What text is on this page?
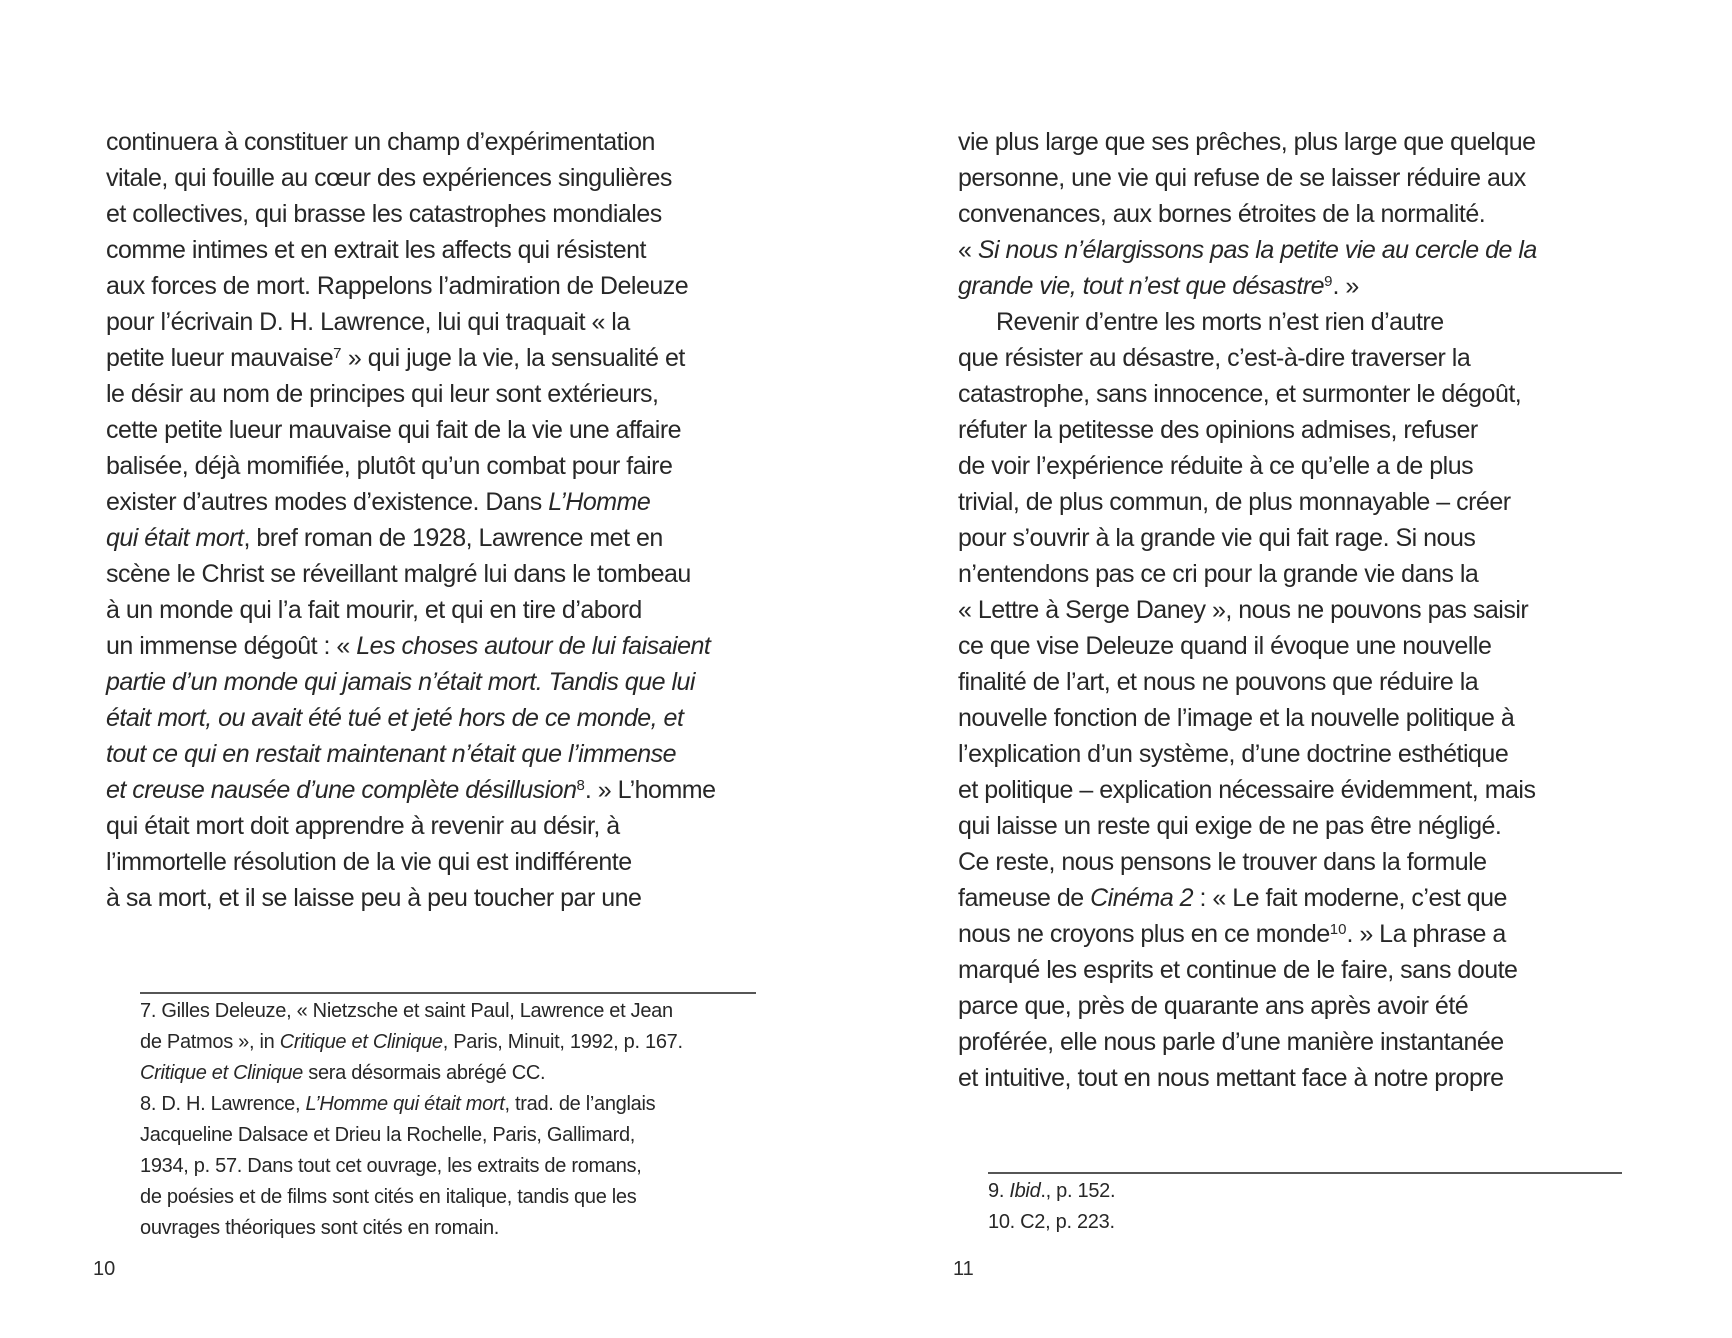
continuera à constituer un champ d’expérimentation
vitale, qui fouille au cœur des expériences singulières
et collectives, qui brasse les catastrophes mondiales
comme intimes et en extrait les affects qui résistent
aux forces de mort. Rappelons l’admiration de Deleuze
pour l’écrivain D. H. Lawrence, lui qui traquait « la
petite lueur mauvaise$^7$ » qui juge la vie, la sensualité et
le désir au nom de principes qui leur sont extérieurs,
cette petite lueur mauvaise qui fait de la vie une affaire
balisée, déjà momifiée, plutôt qu’un combat pour faire
exister d’autres modes d’existence. Dans L’Homme
qui était mort, bref roman de 1928, Lawrence met en
scène le Christ se réveillant malgré lui dans le tombeau
à un monde qui l’a fait mourir, et qui en tire d’abord
un immense dégoût : « Les choses autour de lui faisaient
partie d’un monde qui jamais n’était mort. Tandis que lui
était mort, ou avait été tué et jeté hors de ce monde, et
tout ce qui en restait maintenant n’était que l’immense
et creuse nausée d’une complète désillusion$^8$. » L’homme
qui était mort doit apprendre à revenir au désir, à
l’immortelle résolution de la vie qui est indifférente
à sa mort, et il se laisse peu à peu toucher par une
7. Gilles Deleuze, « Nietzsche et saint Paul, Lawrence et Jean
de Patmos », in Critique et Clinique, Paris, Minuit, 1992, p. 167.
Critique et Clinique sera désormais abrégé CC.
8. D. H. Lawrence, L’Homme qui était mort, trad. de l’anglais
Jacqueline Dalsace et Drieu la Rochelle, Paris, Gallimard,
1934, p. 57. Dans tout cet ouvrage, les extraits de romans,
de poésies et de films sont cités en italique, tandis que les
ouvrages théoriques sont cités en romain.
10
vie plus large que ses prêches, plus large que quelque
personne, une vie qui refuse de se laisser réduire aux
convenances, aux bornes étroites de la normalité.
« Si nous n’élargissons pas la petite vie au cercle de la
grande vie, tout n’est que désastre$^9$. »
Revenir d’entre les morts n’est rien d’autre
que résister au désastre, c’est-à-dire traverser la
catastrophe, sans innocence, et surmonter le dégoût,
réfuter la petitesse des opinions admises, refuser
de voir l’expérience réduite à ce qu’elle a de plus
trivial, de plus commun, de plus monnayable – créer
pour s’ouvrir à la grande vie qui fait rage. Si nous
n’entendons pas ce cri pour la grande vie dans la
« Lettre à Serge Daney », nous ne pouvons pas saisir
ce que vise Deleuze quand il évoque une nouvelle
finalité de l’art, et nous ne pouvons que réduire la
nouvelle fonction de l’image et la nouvelle politique à
l’explication d’un système, d’une doctrine esthétique
et politique – explication nécessaire évidemment, mais
qui laisse un reste qui exige de ne pas être négligé.
Ce reste, nous pensons le trouver dans la formule
fameuse de Cinéma 2 : « Le fait moderne, c’est que
nous ne croyons plus en ce monde$^{10}$. » La phrase a
marqué les esprits et continue de le faire, sans doute
parce que, près de quarante ans après avoir été
proférée, elle nous parle d’une manière instantanée
et intuitive, tout en nous mettant face à notre propre
9. Ibid., p. 152.
10. C2, p. 223.
11
